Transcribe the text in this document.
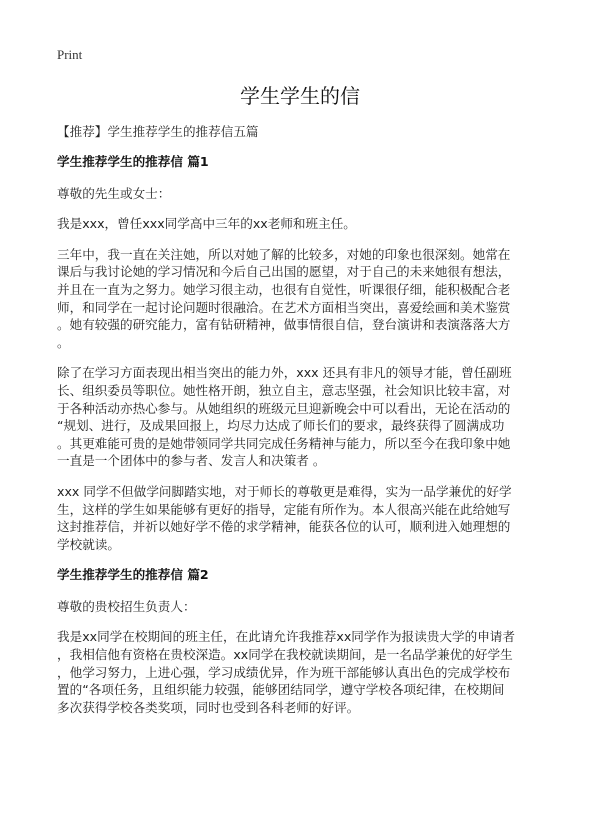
Print
学生学生的信
【推荐】学生推荐学生的推荐信五篇
学生推荐学生的推荐信 篇1
尊敬的先生或女士：
我是xxx，曾任xxx同学高中三年的xx老师和班主任。
三年中，我一直在关注她，所以对她了解的比较多，对她的印象也很深刻。她常在
课后与我讨论她的学习情况和今后自己出国的愿望，对于自己的未来她很有想法，
并且在一直为之努力。她学习很主动，也很有自觉性，听课很仔细，能积极配合老
师，和同学在一起讨论问题时很融洽。在艺术方面相当突出，喜爱绘画和美术鉴赏
。她有较强的研究能力，富有钻研精神，做事情很自信，登台演讲和表演落落大方
。
除了在学习方面表现出相当突出的能力外，xxx 还具有非凡的领导才能，曾任副班
长、组织委员等职位。她性格开朗，独立自主，意志坚强，社会知识比较丰富，对
于各种活动亦热心参与。从她组织的班级元旦迎新晚会中可以看出，无论在活动的
“规划、进行，及成果回报上，均尽力达成了师长们的要求，最终获得了圆满成功
。其更难能可贵的是她带领同学共同完成任务精神与能力，所以至今在我印象中她
一直是一个团体中的参与者、发言人和决策者 。
xxx 同学不但做学问脚踏实地，对于师长的尊敬更是难得，实为一品学兼优的好学
生，这样的学生如果能够有更好的指导，定能有所作为。本人很高兴能在此给她写
这封推荐信，并祈以她好学不倦的求学精神，能获各位的认可，顺利进入她理想的
学校就读。
学生推荐学生的推荐信 篇2
尊敬的贵校招生负责人：
我是xx同学在校期间的班主任，在此请允许我推荐xx同学作为报读贵大学的申请者
，我相信他有资格在贵校深造。xx同学在我校就读期间，是一名品学兼优的好学生
，他学习努力，上进心强，学习成绩优异，作为班干部能够认真出色的完成学校布
置的“各项任务，且组织能力较强，能够团结同学，遵守学校各项纪律，在校期间
多次获得学校各类奖项，同时也受到各科老师的好评。
